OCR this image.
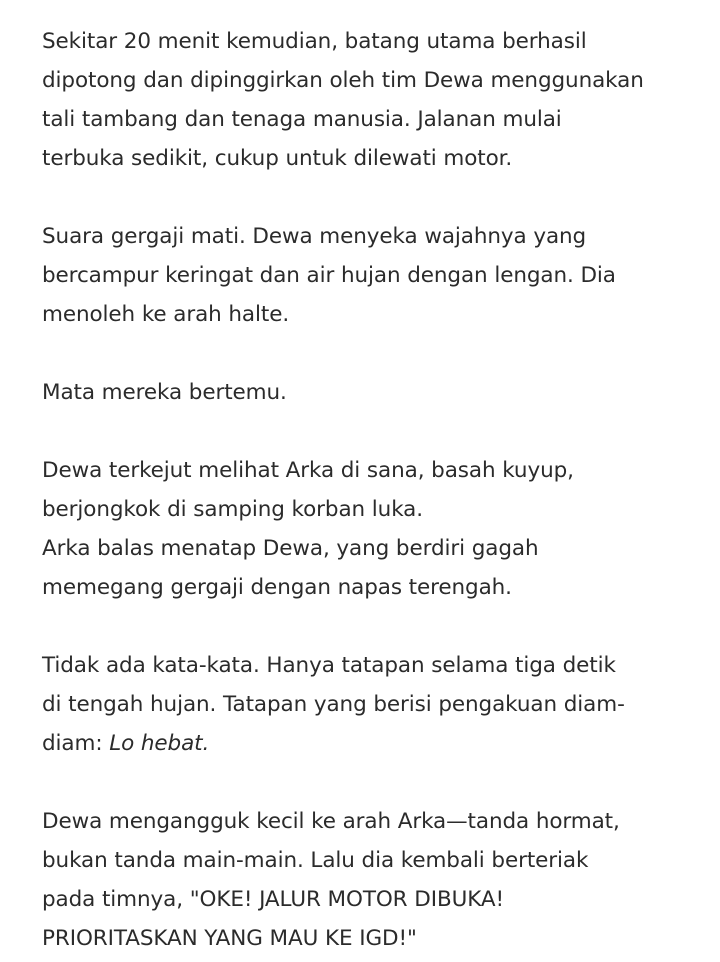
Sekitar 20 menit kemudian, batang utama berhasil
dipotong dan dipinggirkan oleh tim Dewa menggunakan
tali tambang dan tenaga manusia. Jalanan mulai
terbuka sedikit, cukup untuk dilewati motor.

Suara gergaji mati. Dewa menyeka wajahnya yang
bercampur keringat dan air hujan dengan lengan. Dia
menoleh ke arah halte.

Mata mereka bertemu.

Dewa terkejut melihat Arka di sana, basah kuyup,
berjongkok di samping korban luka.
Arka balas menatap Dewa, yang berdiri gagah
memegang gergaji dengan napas terengah.

Tidak ada kata-kata. Hanya tatapan selama tiga detik
di tengah hujan. Tatapan yang berisi pengakuan diam-
diam: Lo hebat.

Dewa mengangguk kecil ke arah Arka—tanda hormat,
bukan tanda main-main. Lalu dia kembali berteriak
pada timnya, "OKE! JALUR MOTOR DIBUKA!
PRIORITASKAN YANG MAU KE IGD!"
